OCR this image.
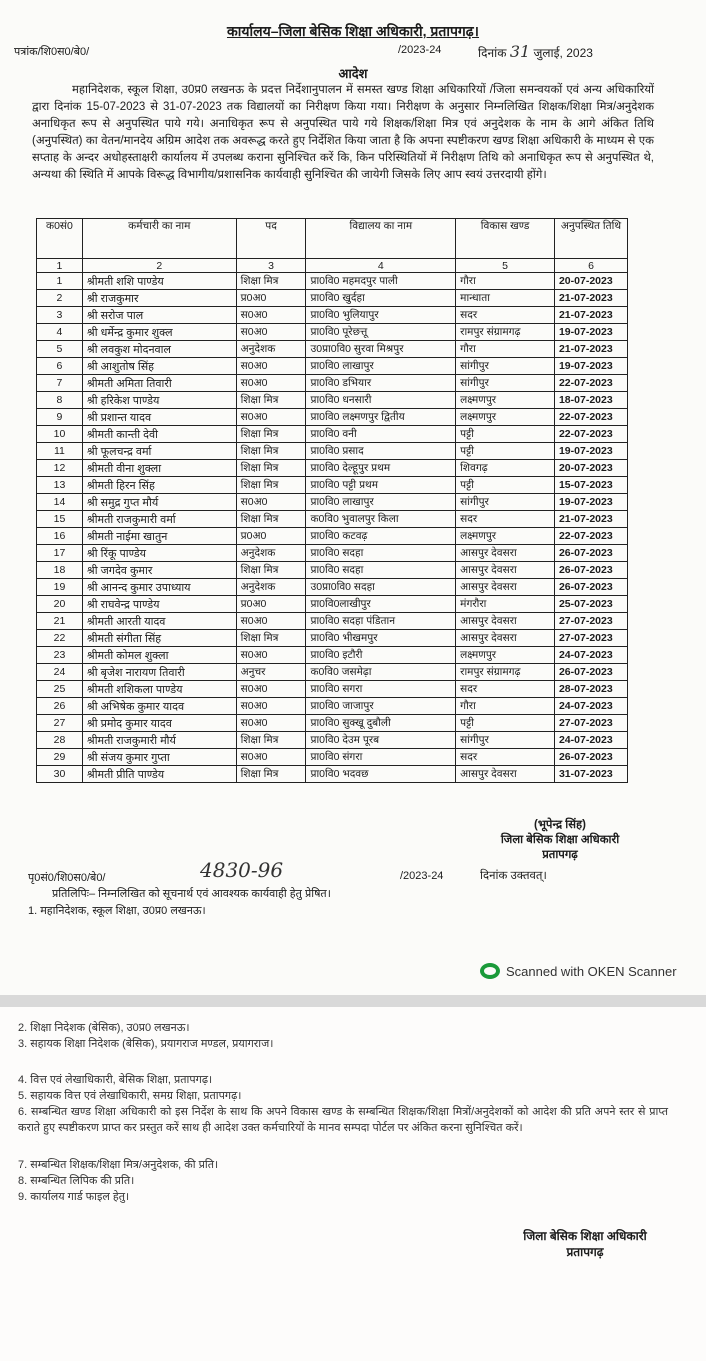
कार्यालय–जिला बेसिक शिक्षा अधिकारी, प्रतापगढ़।
पत्रांक/शि0स0/बे0/	/2023-24	दिनांक 31 जुलाई, 2023
आदेश
महानिदेशक, स्कूल शिक्षा, उ0प्र0 लखनऊ के प्रदत्त निर्देशानुपालन में समस्त खण्ड शिक्षा अधिकारियों /जिला समन्वयकों एवं अन्य अधिकारियों द्वारा दिनांक 15-07-2023 से 31-07-2023 तक विद्यालयों का निरीक्षण किया गया। निरीक्षण के अनुसार निम्नलिखित शिक्षक/शिक्षा मित्र/अनुदेशक अनाधिकृत रूप से अनुपस्थित पाये गये। अनाधिकृत रूप से अनुपस्थित पाये गये शिक्षक/शिक्षा मित्र एवं अनुदेशक के नाम के आगे अंकित तिथि (अनुपस्थित) का वेतन/मानदेय अग्रिम आदेश तक अवरूद्ध करते हुए निर्देशित किया जाता है कि अपना स्पष्टीकरण खण्ड शिक्षा अधिकारी के माध्यम से एक सप्ताह के अन्दर अधोहस्ताक्षरी कार्यालय में उपलब्ध कराना सुनिश्चित करें कि, किन परिस्थितियों में निरीक्षण तिथि को अनाधिकृत रूप से अनुपस्थित थे, अन्यथा की स्थिति में आपके विरूद्ध विभागीय/प्रशासनिक कार्यवाही सुनिश्चित की जायेगी जिसके लिए आप स्वयं उत्तरदायी होंगे।
क0सं0	कर्मचारी का नाम	पद	विद्यालय का नाम	विकास खण्ड	अनुपस्थित तिथि
1	2	3	4	5	6
1	श्रीमती शशि पाण्डेय	शिक्षा मित्र	प्रा0वि0 महमदपुर पाली	गौरा	20-07-2023
2	श्री राजकुमार	प्र0अ0	प्रा0वि0 खुर्दहा	मान्धाता	21-07-2023
3	श्री सरोज पाल	स0अ0	प्रा0वि0 भुलियापुर	सदर	21-07-2023
4	श्री धर्मेन्द्र कुमार शुक्ल	स0अ0	प्रा0वि0 पूरेछत्तू	रामपुर संग्रामगढ़	19-07-2023
5	श्री लवकुश मोदनवाल	अनुदेशक	उ0प्रा0वि0 सुरवा मिश्रपुर	गौरा	21-07-2023
6	श्री आशुतोष सिंह	स0अ0	प्रा0वि0 लाखापुर	सांगीपुर	19-07-2023
7	श्रीमती अमिता तिवारी	स0अ0	प्रा0वि0 डभियार	सांगीपुर	22-07-2023
8	श्री हरिकेश पाण्डेय	शिक्षा मित्र	प्रा0वि0 धनसारी	लक्ष्मणपुर	18-07-2023
9	श्री प्रशान्त यादव	स0अ0	प्रा0वि0 लक्ष्मणपुर द्वितीय	लक्ष्मणपुर	22-07-2023
10	श्रीमती कान्ती देवी	शिक्षा मित्र	प्रा0वि0 वनी	पट्टी	22-07-2023
11	श्री फूलचन्द्र वर्मा	शिक्षा मित्र	प्रा0वि0 प्रसाद	पट्टी	19-07-2023
12	श्रीमती वीना शुक्ला	शिक्षा मित्र	प्रा0वि0 देल्हूपुर प्रथम	शिवगढ़	20-07-2023
13	श्रीमती हिरन सिंह	शिक्षा मित्र	प्रा0वि0 पट्टी प्रथम	पट्टी	15-07-2023
14	श्री समुद्र गुप्त मौर्य	स0अ0	प्रा0वि0 लाखापुर	सांगीपुर	19-07-2023
15	श्रीमती राजकुमारी वर्मा	शिक्षा मित्र	क0वि0 भुवालपुर किला	सदर	21-07-2023
16	श्रीमती नाईमा खातुन	प्र0अ0	प्रा0वि0 कटवढ़	लक्ष्मणपुर	22-07-2023
17	श्री रिंकू पाण्डेय	अनुदेशक	प्रा0वि0 सदहा	आसपुर देवसरा	26-07-2023
18	श्री जगदेव कुमार	शिक्षा मित्र	प्रा0वि0 सदहा	आसपुर देवसरा	26-07-2023
19	श्री आनन्द कुमार उपाध्याय	अनुदेशक	उ0प्रा0वि0 सदहा	आसपुर देवसरा	26-07-2023
20	श्री राघवेन्द्र पाण्डेय	प्र0अ0	प्रा0वि0लाखीपुर	मंगरौरा	25-07-2023
21	श्रीमती आरती यादव	स0अ0	प्रा0वि0 सदहा पंडितान	आसपुर देवसरा	27-07-2023
22	श्रीमती संगीता सिंह	शिक्षा मित्र	प्रा0वि0 भीखमपुर	आसपुर देवसरा	27-07-2023
23	श्रीमती कोमल शुक्ला	स0अ0	प्रा0वि0 इटौरी	लक्ष्मणपुर	24-07-2023
24	श्री बृजेश नारायण तिवारी	अनुचर	क0वि0 जसमेढ़ा	रामपुर संग्रामगढ़	26-07-2023
25	श्रीमती शशिकला पाण्डेय	स0अ0	प्रा0वि0 सगरा	सदर	28-07-2023
26	श्री अभिषेक कुमार यादव	स0अ0	प्रा0वि0 जाजापुर	गौरा	24-07-2023
27	श्री प्रमोद कुमार यादव	स0अ0	प्रा0वि0 सुक्खू दुबौली	पट्टी	27-07-2023
28	श्रीमती राजकुमारी मौर्य	शिक्षा मित्र	प्रा0वि0 देउम पूरब	सांगीपुर	24-07-2023
29	श्री संजय कुमार गुप्ता	स0अ0	प्रा0वि0 संगरा	सदर	26-07-2023
30	श्रीमती प्रीति पाण्डेय	शिक्षा मित्र	प्रा0वि0 भदवछ	आसपुर देवसरा	31-07-2023
(भूपेन्द्र सिंह)
जिला बेसिक शिक्षा अधिकारी
प्रतापगढ़
पृ0सं0/शि0स0/बे0/	4830-96	/2023-24	दिनांक उक्तवत्।
प्रतिलिपिः– निम्नलिखित को सूचनार्थ एवं आवश्यक कार्यवाही हेतु प्रेषित।
1. महानिदेशक, स्कूल शिक्षा, उ0प्र0 लखनऊ।
Scanned with OKEN Scanner
2. शिक्षा निदेशक (बेसिक), उ0प्र0 लखनऊ।
3. सहायक शिक्षा निदेशक (बेसिक), प्रयागराज मण्डल, प्रयागराज।
4. वित्त एवं लेखाधिकारी, बेसिक शिक्षा, प्रतापगढ़।
5. सहायक वित्त एवं लेखाधिकारी, समग्र शिक्षा, प्रतापगढ़।
6. सम्बन्धित खण्ड शिक्षा अधिकारी को इस निर्देश के साथ कि अपने विकास खण्ड के सम्बन्धित शिक्षक/शिक्षा मित्रों/अनुदेशकों को आदेश की प्रति अपने स्तर से प्राप्त कराते हुए स्पष्टीकरण प्राप्त कर प्रस्तुत करें साथ ही आदेश उक्त कर्मचारियों के मानव सम्पदा पोर्टल पर अंकित करना सुनिश्चित करें।
7. सम्बन्धित शिक्षक/शिक्षा मित्र/अनुदेशक, की प्रति।
8. सम्बन्धित लिपिक की प्रति।
9. कार्यालय गार्ड फाइल हेतु।
जिला बेसिक शिक्षा अधिकारी
प्रतापगढ़
